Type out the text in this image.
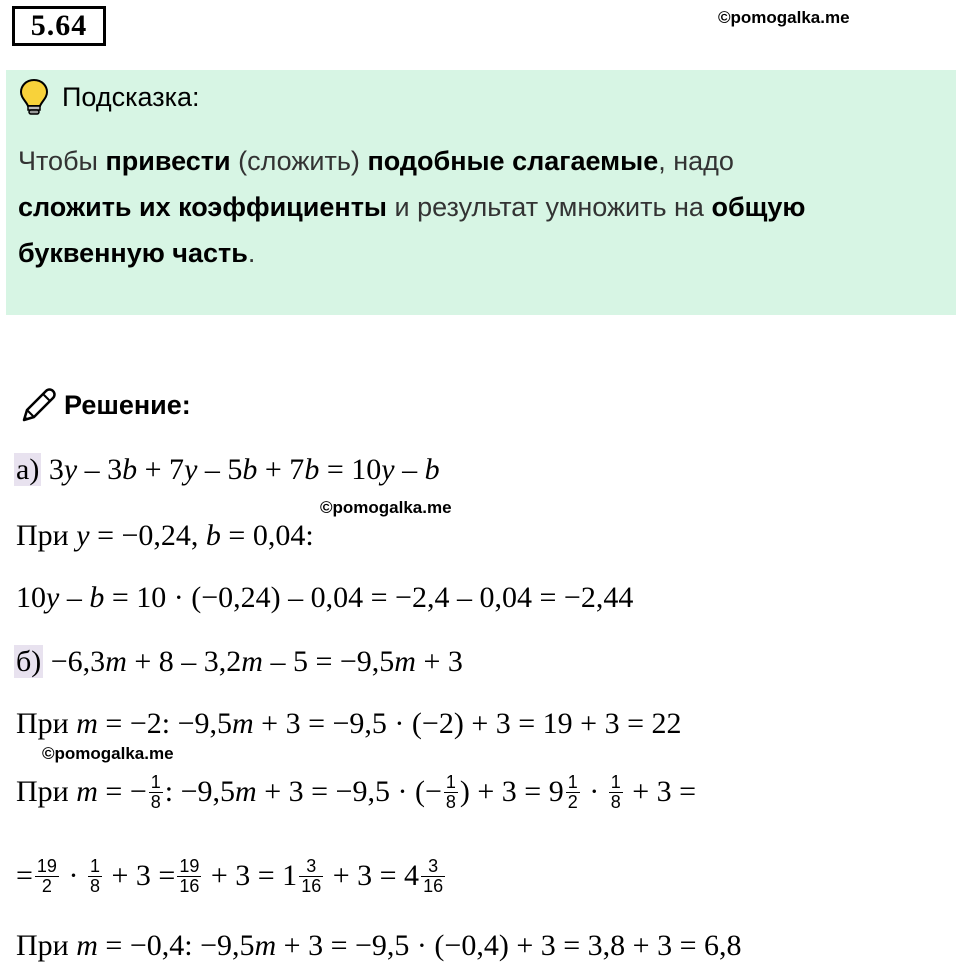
5.64	©pomogalka.me
Подсказка:
Чтобы привести (сложить) подобные слагаемые, надо
сложить их коэффициенты и результат умножить на общую
буквенную часть.
Решение:
а) 3y – 3b + 7y – 5b + 7b = 10y – b
©pomogalka.me
При y = −0,24, b = 0,04:
10y – b = 10 · (−0,24) – 0,04 = −2,4 – 0,04 = −2,44
б) −6,3m + 8 – 3,2m – 5 = −9,5m + 3
При m = −2: −9,5m + 3 = −9,5 · (−2) + 3 = 19 + 3 = 22
©pomogalka.me
При m = − $\frac{1}{8}$ : −9,5m + 3 = −9,5 · (− $\frac{1}{8}$ ) + $3 = 9 \frac{1}{2} \cdot \frac{1}{8} + 3$ =
= $\frac{19}{2} \cdot \frac{1}{8} + 3 = \frac{19}{16} + 3 = 1 \frac{3}{16} + 3 = 4 \frac{3}{16}$
При m = −0,4: −9,5m + 3 = −9,5 · (−0,4) + 3 = 3,8 + 3 = 6,8
